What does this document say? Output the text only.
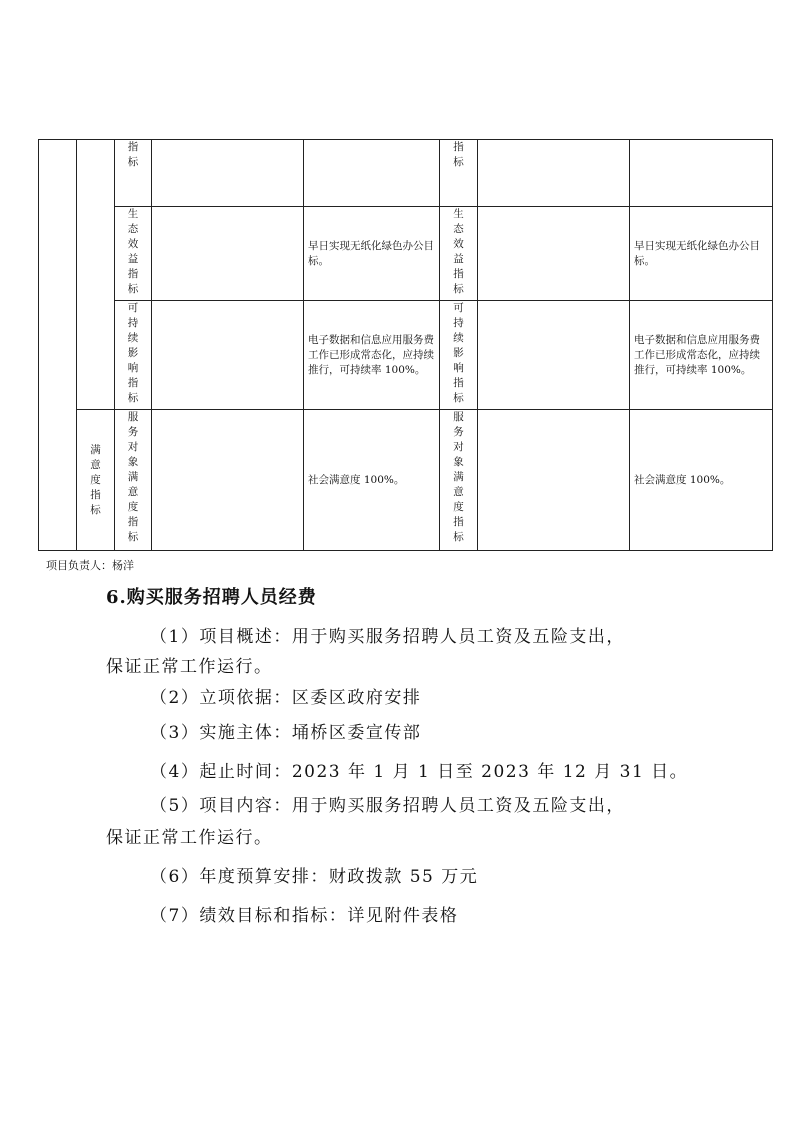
		指标			指标		

		生态效益指标		早日实现无纸化绿色办公目标。	生态效益指标		早日实现无纸化绿色办公目标。

		可持续影响指标		电子数据和信息应用服务费工作已形成常态化，应持续推行，可持续率 100%。	可持续影响指标		电子数据和信息应用服务费工作已形成常态化，应持续推行，可持续率 100%。

	满意度指标	服务对象满意度指标		社会满意度 100%。	服务对象满意度指标		社会满意度 100%。
项目负责人：杨洋
6.购买服务招聘人员经费
（1）项目概述：用于购买服务招聘人员工资及五险支出，
保证正常工作运行。
（2）立项依据：区委区政府安排
（3）实施主体：埇桥区委宣传部
（4）起止时间：2023 年 1 月 1 日至 2023 年 12 月 31 日。
（5）项目内容：用于购买服务招聘人员工资及五险支出，
保证正常工作运行。
（6）年度预算安排：财政拨款 55 万元
（7）绩效目标和指标：详见附件表格
